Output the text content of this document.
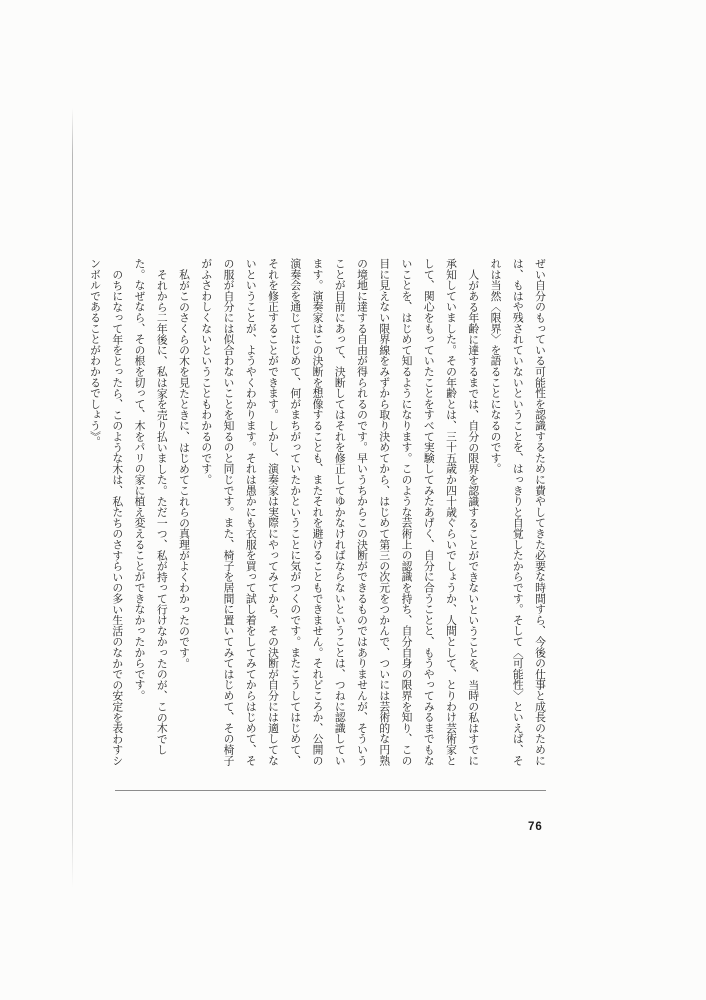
ぜい自分のもっている可能性を認識するために費やしてきた必要な時間すら、今後の仕事と成長のためには、もはや残されていないということを、はっきりと自覚したからです。そして〈可能性〉といえば、それは当然〈限界〉を語ることになるのです。

人がある年齢に達するまでは、自分の限界を認識することができないということを、当時の私はすでに承知していました。その年齢とは、三十五歳か四十歳ぐらいでしょうか、人間として、とりわけ芸術家として、関心をもっていたことをすべて実験してみたあげく、自分に合うことと、もうやってみるまでもないことを、はじめて知るようになります。このような芸術上の認識を持ち、自分自身の限界を知り、この目に見えない限界線をみずから取り決めてから、はじめて第三の次元をつかんで、ついには芸術的な円熟の境地に達する自由が得られるのです。早いうちからこの決断ができるものではありませんが、そういうことが目前にあって、決断してはそれを修正してゆかなければならないということは、つねに認識しています。演奏家はこの決断を想像することも、またそれを避けることもできません。それどころか、公開の演奏会を通じてはじめて、何がまちがっていたかということに気がつくのです。またこうしてはじめて、それを修正することができます。しかし、演奏家は実際にやってみてから、その決断が自分には適してないということが、ようやくわかります。それは愚かにも衣服を買って試し着をしてみてからはじめて、その服が自分には似合わないことを知るのと同じです。また、椅子を居間に置いてみてはじめて、その椅子がふさわしくないということもわかるのです。

私がこのさくらの木を見たときに、はじめてこれらの真理がよくわかったのです。

それから二年後に、私は家を売り払いました。ただ一つ、私が持って行けなかったのが、この木でした。なぜなら、その根を切って、木をパリの家に植え変えることができなかったからです。

のちになって年をとったら、このような木は、私たちのさすらいの多い生活のなかでの安定を表わすシンボルであることがわかるでしょう》。

76
